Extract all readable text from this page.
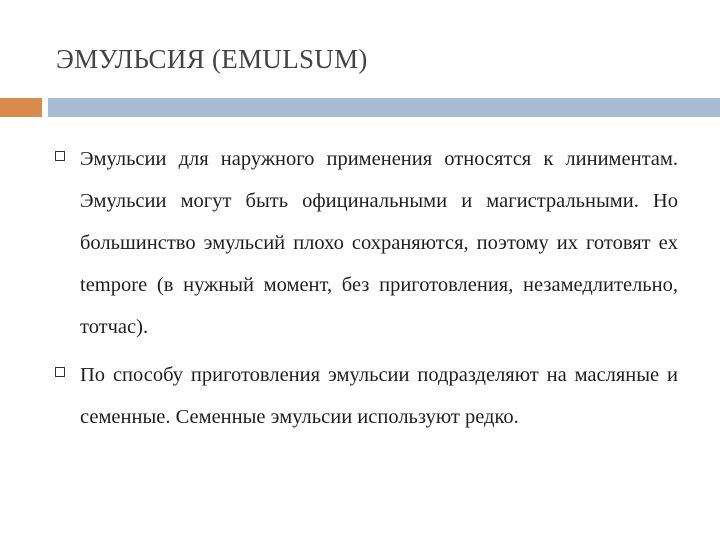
ЭМУЛЬСИЯ (EMULSUM)

Эмульсии для наружного применения относятся к линиментам. Эмульсии могут быть официнальными и магистральными. Но большинство эмульсий плохо сохраняются, поэтому их готовят ex tempore (в нужный момент, без приготовления, незамедлительно, тотчас).

По способу приготовления эмульсии подразделяют на масляные и семенные. Семенные эмульсии используют редко.
